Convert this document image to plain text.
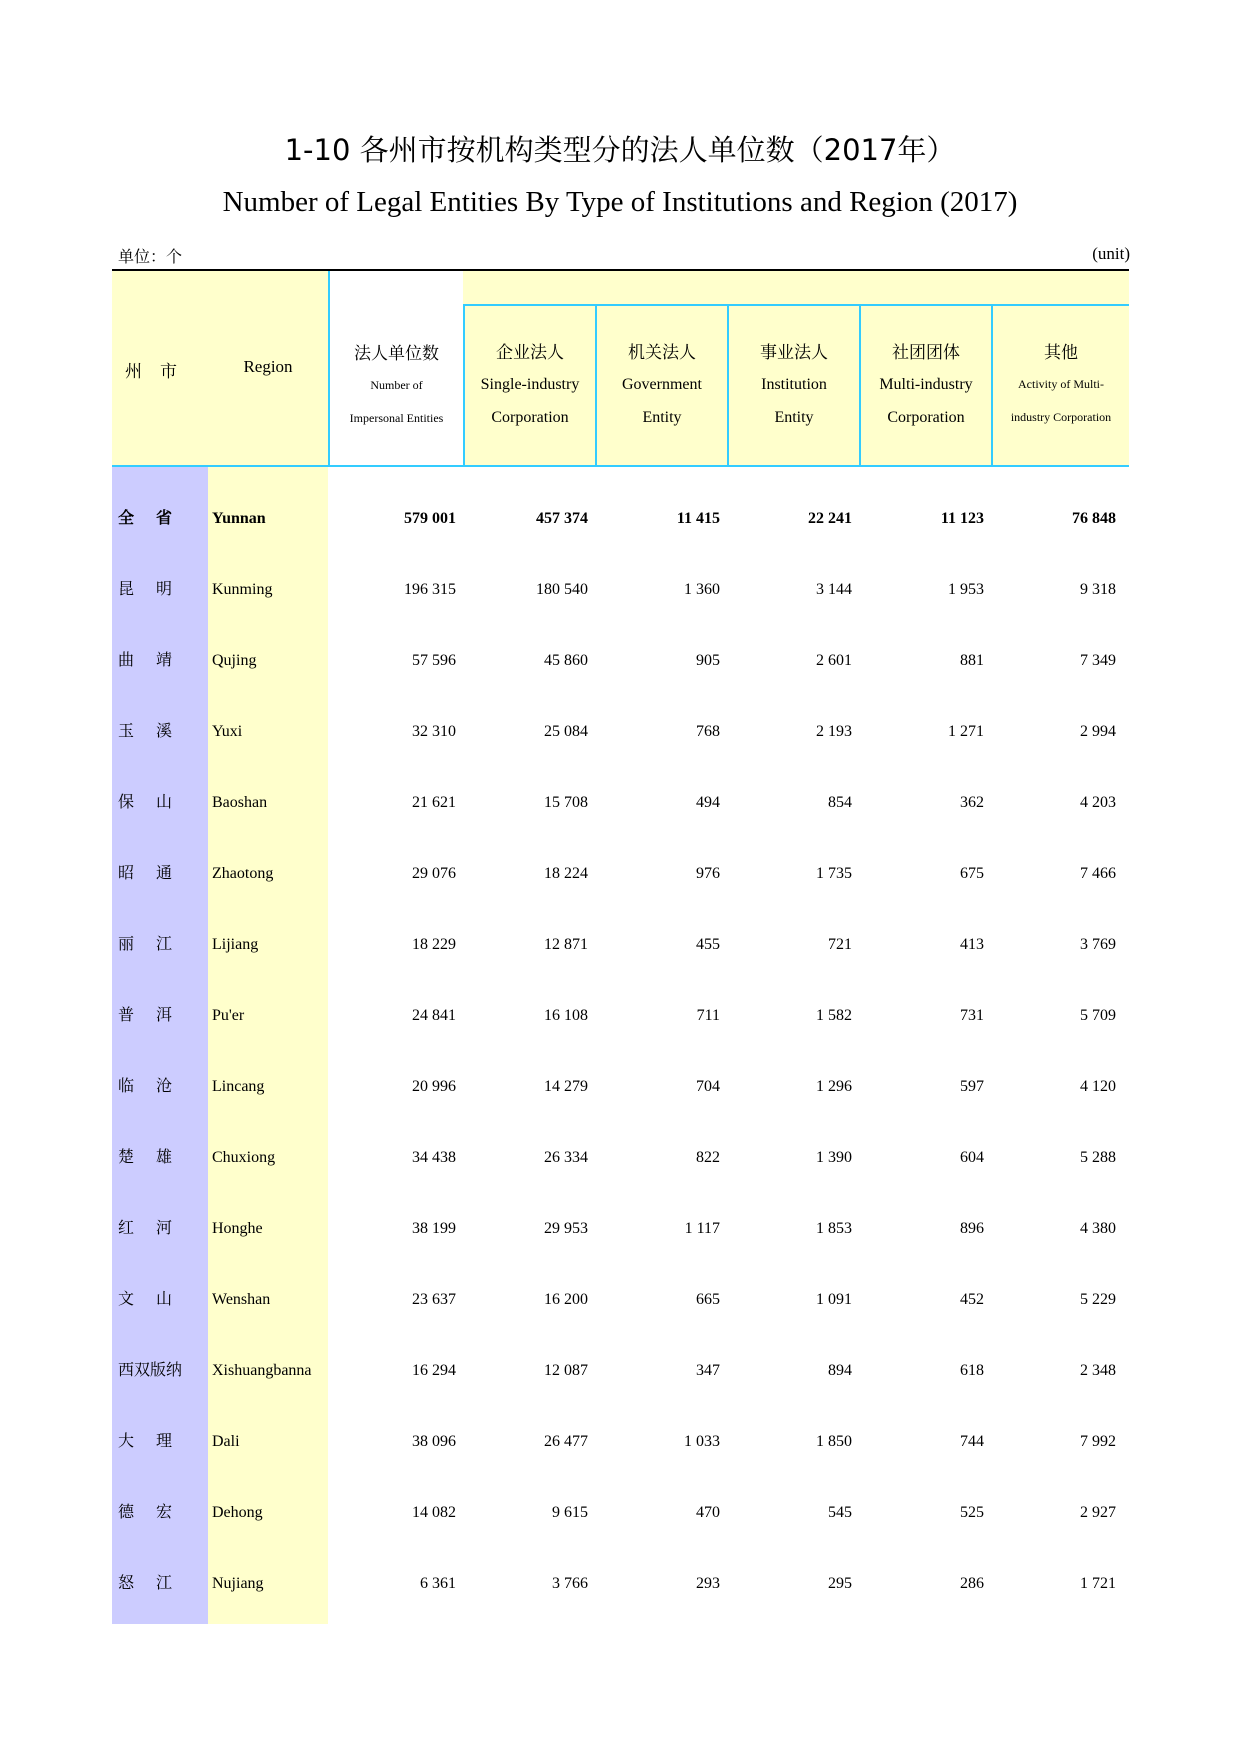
1-10 各州市按机构类型分的法人单位数（2017年）
Number of Legal Entities By Type of Institutions and Region (2017)
单位：个	(unit)
州市	Region
法人单位数
Number of
Impersonal Entities
企业法人
Single-industry
Corporation
机关法人
Government
Entity
事业法人
Institution
Entity
社团团体
Multi-industry
Corporation
其他
Activity of Multi-
industry Corporation
全省	Yunnan	579 001	457 374	11 415	22 241	11 123	76 848
昆明	Kunming	196 315	180 540	1 360	3 144	1 953	9 318
曲靖	Qujing	57 596	45 860	905	2 601	881	7 349
玉溪	Yuxi	32 310	25 084	768	2 193	1 271	2 994
保山	Baoshan	21 621	15 708	494	854	362	4 203
昭通	Zhaotong	29 076	18 224	976	1 735	675	7 466
丽江	Lijiang	18 229	12 871	455	721	413	3 769
普洱	Pu'er	24 841	16 108	711	1 582	731	5 709
临沧	Lincang	20 996	14 279	704	1 296	597	4 120
楚雄	Chuxiong	34 438	26 334	822	1 390	604	5 288
红河	Honghe	38 199	29 953	1 117	1 853	896	4 380
文山	Wenshan	23 637	16 200	665	1 091	452	5 229
西双版纳	Xishuangbanna	16 294	12 087	347	894	618	2 348
大理	Dali	38 096	26 477	1 033	1 850	744	7 992
德宏	Dehong	14 082	9 615	470	545	525	2 927
怒江	Nujiang	6 361	3 766	293	295	286	1 721
